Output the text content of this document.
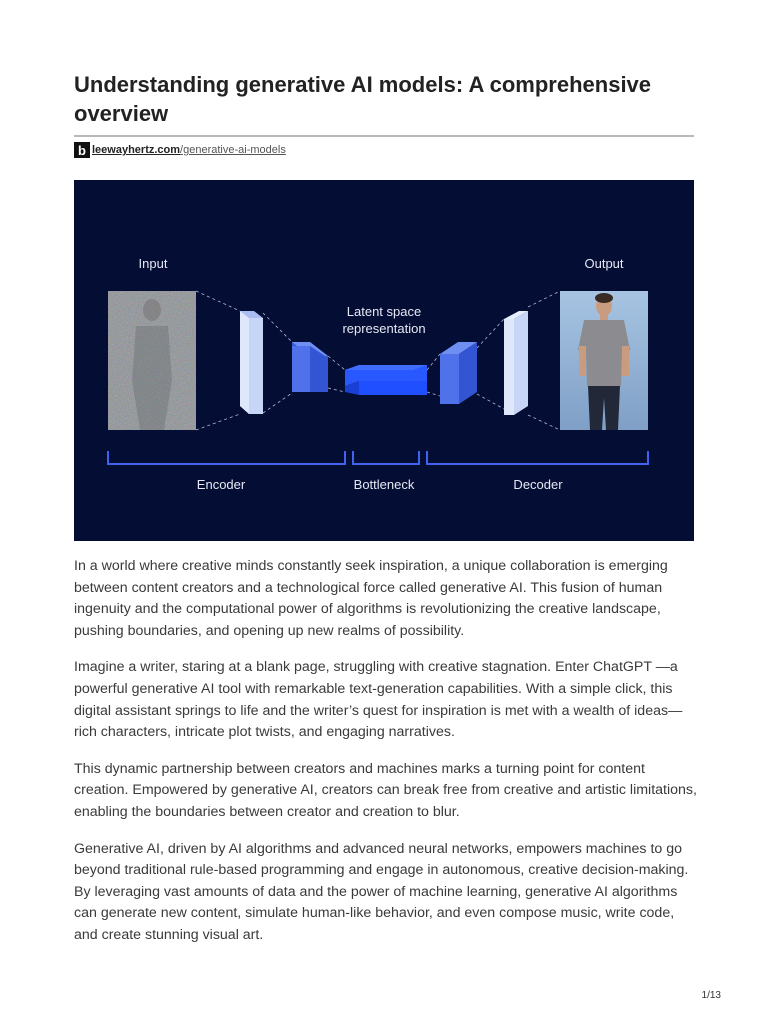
Understanding generative AI models: A comprehensive overview
b leewayhertz.com /generative-ai-models
Input	Output
Latent space
representation
Encoder	Bottleneck	Decoder

In a world where creative minds constantly seek inspiration, a unique collaboration is emerging between content creators and a technological force called generative AI. This fusion of human ingenuity and the computational power of algorithms is revolutionizing the creative landscape, pushing boundaries, and opening up new realms of possibility.

Imagine a writer, staring at a blank page, struggling with creative stagnation. Enter ChatGPT —a powerful generative AI tool with remarkable text-generation capabilities. With a simple click, this digital assistant springs to life and the writer’s quest for inspiration is met with a wealth of ideas—rich characters, intricate plot twists, and engaging narratives.

This dynamic partnership between creators and machines marks a turning point for content creation. Empowered by generative AI, creators can break free from creative and artistic limitations, enabling the boundaries between creator and creation to blur.

Generative AI, driven by AI algorithms and advanced neural networks, empowers machines to go beyond traditional rule-based programming and engage in autonomous, creative decision-making. By leveraging vast amounts of data and the power of machine learning, generative AI algorithms can generate new content, simulate human-like behavior, and even compose music, write code, and create stunning visual art.

1/13
